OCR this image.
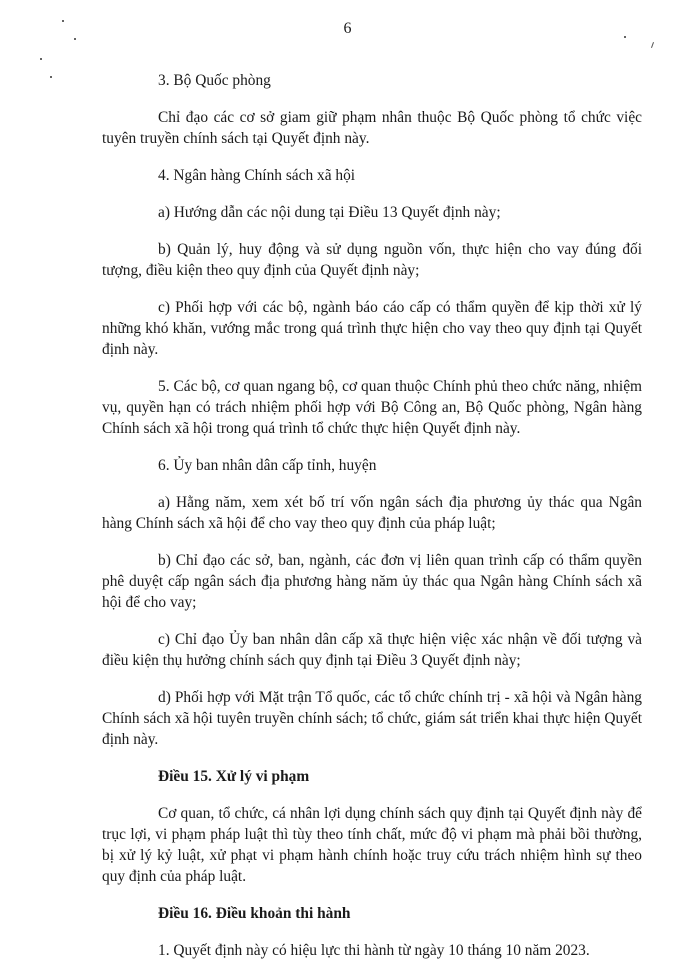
6

3. Bộ Quốc phòng

Chỉ đạo các cơ sở giam giữ phạm nhân thuộc Bộ Quốc phòng tổ chức việc tuyên truyền chính sách tại Quyết định này.

4. Ngân hàng Chính sách xã hội

a) Hướng dẫn các nội dung tại Điều 13 Quyết định này;

b) Quản lý, huy động và sử dụng nguồn vốn, thực hiện cho vay đúng đối tượng, điều kiện theo quy định của Quyết định này;

c) Phối hợp với các bộ, ngành báo cáo cấp có thẩm quyền để kịp thời xử lý những khó khăn, vướng mắc trong quá trình thực hiện cho vay theo quy định tại Quyết định này.

5. Các bộ, cơ quan ngang bộ, cơ quan thuộc Chính phủ theo chức năng, nhiệm vụ, quyền hạn có trách nhiệm phối hợp với Bộ Công an, Bộ Quốc phòng, Ngân hàng Chính sách xã hội trong quá trình tổ chức thực hiện Quyết định này.

6. Ủy ban nhân dân cấp tỉnh, huyện

a) Hằng năm, xem xét bố trí vốn ngân sách địa phương ủy thác qua Ngân hàng Chính sách xã hội để cho vay theo quy định của pháp luật;

b) Chỉ đạo các sở, ban, ngành, các đơn vị liên quan trình cấp có thẩm quyền phê duyệt cấp ngân sách địa phương hàng năm ủy thác qua Ngân hàng Chính sách xã hội để cho vay;

c) Chỉ đạo Ủy ban nhân dân cấp xã thực hiện việc xác nhận về đối tượng và điều kiện thụ hưởng chính sách quy định tại Điều 3 Quyết định này;

d) Phối hợp với Mặt trận Tổ quốc, các tổ chức chính trị - xã hội và Ngân hàng Chính sách xã hội tuyên truyền chính sách; tổ chức, giám sát triển khai thực hiện Quyết định này.

Điều 15. Xử lý vi phạm

Cơ quan, tổ chức, cá nhân lợi dụng chính sách quy định tại Quyết định này để trục lợi, vi phạm pháp luật thì tùy theo tính chất, mức độ vi phạm mà phải bồi thường, bị xử lý kỷ luật, xử phạt vi phạm hành chính hoặc truy cứu trách nhiệm hình sự theo quy định của pháp luật.

Điều 16. Điều khoản thi hành

1. Quyết định này có hiệu lực thi hành từ ngày 10 tháng 10 năm 2023.
